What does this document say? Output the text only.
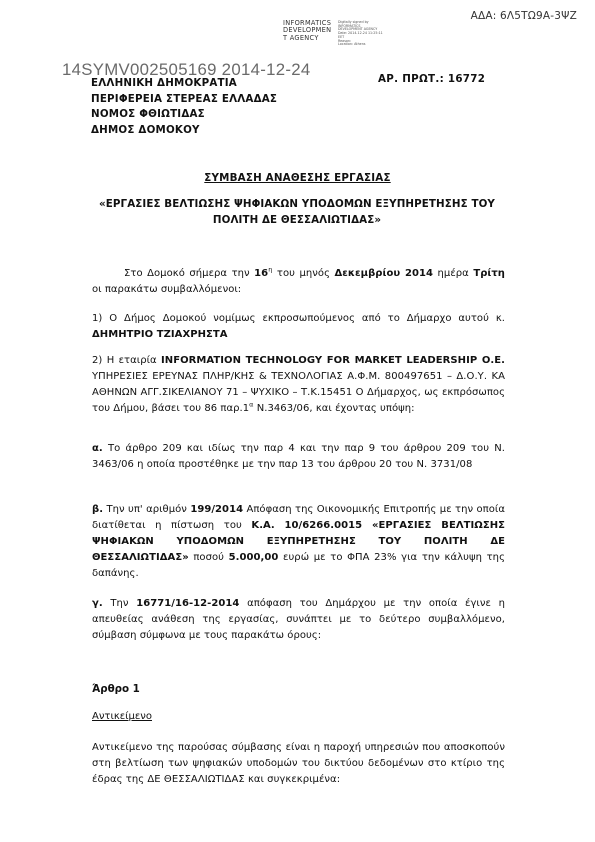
ΑΔΑ: 6Λ5ΤΩ9Α-3ΨΖ
INFORMATICS
DEVELOPMEN
T AGENCY
Digitally signed by
INFORMATICS
DEVELOPMENT AGENCY
Date: 2014.12.24 11:25:11
EET
Reason:
Location: Athens
ΕΛΛΗΝΙΚΗ ΔΗΜΟΚΡΑΤΙΑ
ΠΕΡΙΦΕΡΕΙΑ ΣΤΕΡΕΑΣ ΕΛΛΑΔΑΣ
ΝΟΜΟΣ ΦΘΙΩΤΙΔΑΣ
ΔΗΜΟΣ ΔΟΜΟΚΟΥ
14SYMV002505169 2014-12-24	ΑΡ. ΠΡΩΤ.: 16772
ΣΥΜΒΑΣΗ ΑΝΑΘΕΣΗΣ ΕΡΓΑΣΙΑΣ
«ΕΡΓΑΣΙΕΣ ΒΕΛΤΙΩΣΗΣ ΨΗΦΙΑΚΩΝ ΥΠΟΔΟΜΩΝ ΕΞΥΠΗΡΕΤΗΣΗΣ ΤΟΥ ΠΟΛΙΤΗ ΔΕ ΘΕΣΣΑΛΙΩΤΙΔΑΣ»
Στο Δομοκό σήμερα την $16^\eta$ του μηνός Δεκεμβρίου 2014 ημέρα Τρίτη οι παρακάτω συμβαλλόμενοι:
1) Ο Δήμος Δομοκού νομίμως εκπροσωπούμενος από το Δήμαρχο αυτού κ. ΔΗΜΗΤΡΙΟ ΤΖΙΑΧΡΗΣΤΑ
2) Η εταιρία INFORMATION TECHNOLOGY FOR MARKET LEADERSHIP Ο.Ε. ΥΠΗΡΕΣΙΕΣ ΕΡΕΥΝΑΣ ΠΛΗΡ/ΚΗΣ & ΤΕΧΝΟΛΟΓΙΑΣ Α.Φ.Μ. 800497651 – Δ.Ο.Υ. ΚΑ ΑΘΗΝΩΝ ΑΓΓ.ΣΙΚΕΛΙΑΝΟΥ 71 – ΨΥΧΙΚΟ – Τ.Κ.15451 Ο Δήμαρχος, ως εκπρόσωπος του Δήμου, βάσει του 86 $\pi\alpha\rho.1^\alpha$ Ν.3463/06, και έχοντας υπόψη:
α. Το άρθρο 209 και ιδίως την παρ 4 και την παρ 9 του άρθρου 209 του Ν. 3463/06 η οποία προστέθηκε με την παρ 13 του άρθρου 20 του Ν. 3731/08
β. Την υπ' αριθμόν 199/2014 Απόφαση της Οικονομικής Επιτροπής με την οποία διατίθεται η πίστωση του Κ.Α. 10/6266.0015 «ΕΡΓΑΣΙΕΣ ΒΕΛΤΙΩΣΗΣ ΨΗΦΙΑΚΩΝ ΥΠΟΔΟΜΩΝ ΕΞΥΠΗΡΕΤΗΣΗΣ ΤΟΥ ΠΟΛΙΤΗ ΔΕ ΘΕΣΣΑΛΙΩΤΙΔΑΣ» ποσού 5.000,00 ευρώ με το ΦΠΑ 23% για την κάλυψη της δαπάνης.
γ. Την 16771/16-12-2014 απόφαση του Δημάρχου με την οποία έγινε η απευθείας ανάθεση της εργασίας, συνάπτει με το δεύτερο συμβαλλόμενο, σύμβαση σύμφωνα με τους παρακάτω όρους:
Άρθρο 1
Αντικείμενο
Αντικείμενο της παρούσας σύμβασης είναι η παροχή υπηρεσιών που αποσκοπούν στη βελτίωση των ψηφιακών υποδομών του δικτύου δεδομένων στο κτίριο της έδρας της ΔΕ ΘΕΣΣΑΛΙΩΤΙΔΑΣ και συγκεκριμένα:
